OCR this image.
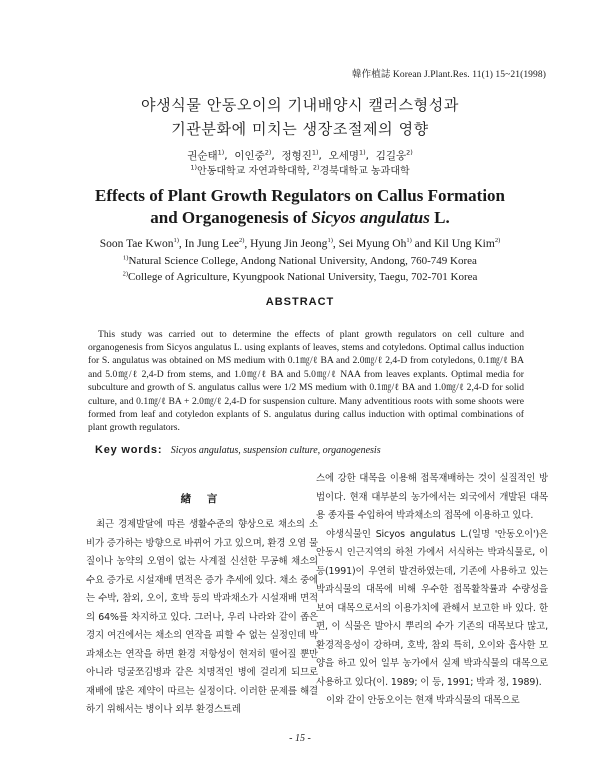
韓作植誌 Korean J.Plant.Res. 11(1) 15~21(1998)
야생식물 안동오이의 기내배양시 캘러스형성과
기관분화에 미치는 생장조절제의 영향
권순태$^{1)}$,  이인중$^{2)}$,  정형진$^{1)}$,  오세명$^{1)}$,  김길웅$^{2)}$
$^{1)}$안동대학교 자연과학대학, $^{2)}$경북대학교 농과대학
Effects of Plant Growth Regulators on Callus Formation
and Organogenesis of Sicyos angulatus L.
Soon Tae Kwon$^{1)}$, In Jung Lee$^{2)}$, Hyung Jin Jeong$^{1)}$, Sei Myung Oh$^{1)}$ and Kil Ung Kim$^{2)}$
$^{1)}$Natural Science College, Andong National University, Andong, 760-749 Korea
$^{2)}$College of Agriculture, Kyungpook National University, Taegu, 702-701 Korea
ABSTRACT

This study was carried out to determine the effects of plant growth regulators on cell culture and organogenesis from Sicyos angulatus L. using explants of leaves, stems and cotyledons. Optimal callus induction for S. angulatus was obtained on MS medium with 0.1㎎/ℓ BA and 2.0㎎/ℓ 2,4-D from cotyledons, 0.1㎎/ℓ BA and 5.0㎎/ℓ 2,4-D from stems, and 1.0㎎/ℓ BA and 5.0㎎/ℓ NAA from leaves explants. Optimal media for subculture and growth of S. angulatus callus were 1/2 MS medium with 0.1㎎/ℓ BA and 1.0㎎/ℓ 2,4-D for solid culture, and 0.1㎎/ℓ BA + 2.0㎎/ℓ 2,4-D for suspension culture. Many adventitious roots with some shoots were formed from leaf and cotyledon explants of S. angulatus during callus induction with optimal combinations of plant growth regulators.

Key words: Sicyos angulatus, suspension culture, organogenesis
緖 言

최근 경제발달에 따른 생활수준의 향상으로 채소의 소비가 증가하는 방향으로 바뀌어 가고 있으며, 환경 오염 물질이나 농약의 오염이 없는 사계절 신선한 무공해 채소의 수요 증가로 시설재배 면적은 증가 추세에 있다. 채소 중에는 수박, 참외, 오이, 호박 등의 박과채소가 시설재배 면적의 64%를 차지하고 있다. 그러나, 우리 나라와 같이 좁은 경지 여건에서는 채소의 연작을 피할 수 없는 실정인데 박과채소는 연작을 하면 환경 저항성이 현저히 떨어질 뿐만 아니라 덩굴쪼김병과 같은 치명적인 병에 걸리게 되므로 재배에 많은 제약이 따르는 실정이다. 이러한 문제를 해결하기 위해서는 병이나 외부 환경스트레

스에 강한 대목을 이용해 접목재배하는 것이 실질적인 방법이다. 현재 대부분의 농가에서는 외국에서 개발된 대목용 종자를 수입하여 박과채소의 접목에 이용하고 있다.

야생식물인 Sicyos angulatus L.(일명 '안동오이')은 안동시 인근지역의 하천 가에서 서식하는 박과식물로, 이 등(1991)이 우연히 발견하였는데, 기존에 사용하고 있는 박과식물의 대목에 비해 우수한 접목활착률과 수량성을 보여 대목으로서의 이용가치에 관해서 보고한 바 있다. 한편, 이 식물은 발아시 뿌리의 수가 기존의 대목보다 많고, 환경적응성이 강하며, 호박, 참외 특히, 오이와 흡사한 모양을 하고 있어 일부 농가에서 실제 박과식물의 대목으로 사용하고 있다(이. 1989; 이 등, 1991; 박과 정, 1989).

이와 같이 안동오이는 현재 박과식물의 대목으로

- 15 -
